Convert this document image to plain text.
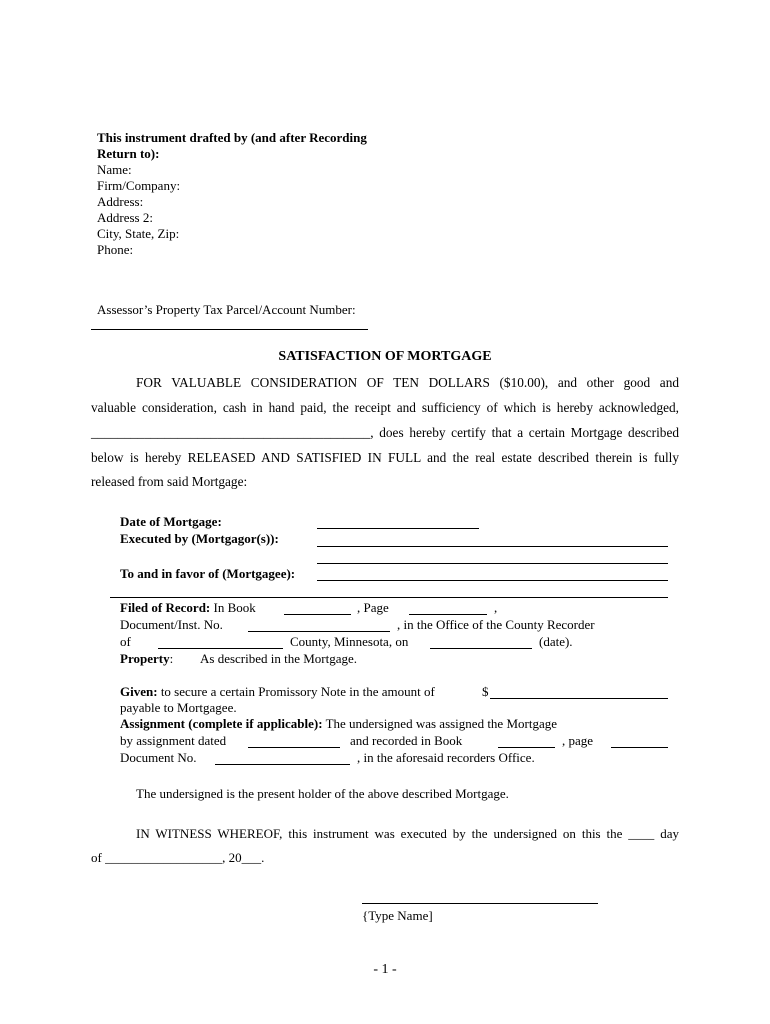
This instrument drafted by (and after Recording
Return to):
Name:
Firm/Company:
Address:
Address 2:
City, State, Zip:
Phone:
Assessor’s Property Tax Parcel/Account Number:
SATISFACTION OF MORTGAGE
FOR VALUABLE CONSIDERATION OF TEN DOLLARS ($10.00), and other good and
valuable consideration, cash in hand paid, the receipt and sufficiency of which is hereby acknowledged,
__________________________________________, does hereby certify that a certain Mortgage described
below is hereby RELEASED AND SATISFIED IN FULL and the real estate described therein is fully
released from said Mortgage:
Date of Mortgage:
Executed by (Mortgagor(s)):
To and in favor of (Mortgagee):
Filed of Record: In Book	, Page	,
Document/Inst. No.	, in the Office of the County Recorder
of	County, Minnesota, on	(date).
Property: As described in the Mortgage.
Given: to secure a certain Promissory Note in the amount of	$
payable to Mortgagee.
Assignment (complete if applicable): The undersigned was assigned the Mortgage
by assignment dated	and recorded in Book	, page
Document No.	, in the aforesaid recorders Office.
The undersigned is the present holder of the above described Mortgage.
IN WITNESS WHEREOF, this instrument was executed by the undersigned on this the ____ day
of __________________, 20___.
{Type Name]
- 1 -
